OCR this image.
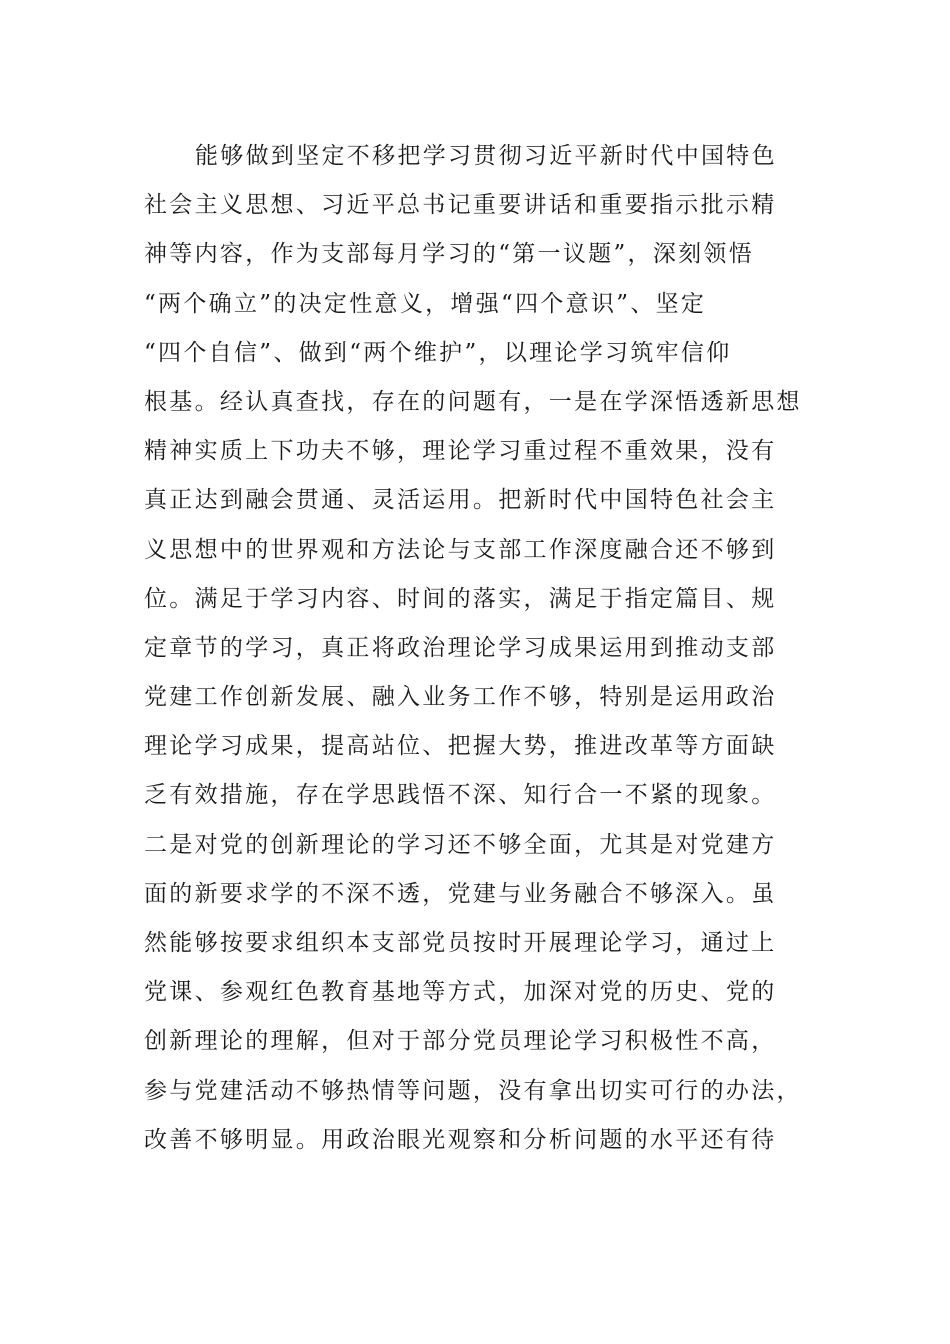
能够做到坚定不移把学习贯彻习近平新时代中国特色
社会主义思想、习近平总书记重要讲话和重要指示批示精
神等内容，作为支部每月学习的“第一议题”，深刻领悟
“两个确立”的决定性意义，增强“四个意识”、坚定
“四个自信”、做到“两个维护”，以理论学习筑牢信仰
根基。经认真查找，存在的问题有，一是在学深悟透新思想
精神实质上下功夫不够，理论学习重过程不重效果，没有
真正达到融会贯通、灵活运用。把新时代中国特色社会主
义思想中的世界观和方法论与支部工作深度融合还不够到
位。满足于学习内容、时间的落实，满足于指定篇目、规
定章节的学习，真正将政治理论学习成果运用到推动支部
党建工作创新发展、融入业务工作不够，特别是运用政治
理论学习成果，提高站位、把握大势，推进改革等方面缺
乏有效措施，存在学思践悟不深、知行合一不紧的现象。
二是对党的创新理论的学习还不够全面，尤其是对党建方
面的新要求学的不深不透，党建与业务融合不够深入。虽
然能够按要求组织本支部党员按时开展理论学习，通过上
党课、参观红色教育基地等方式，加深对党的历史、党的
创新理论的理解，但对于部分党员理论学习积极性不高，
参与党建活动不够热情等问题，没有拿出切实可行的办法，
改善不够明显。用政治眼光观察和分析问题的水平还有待
